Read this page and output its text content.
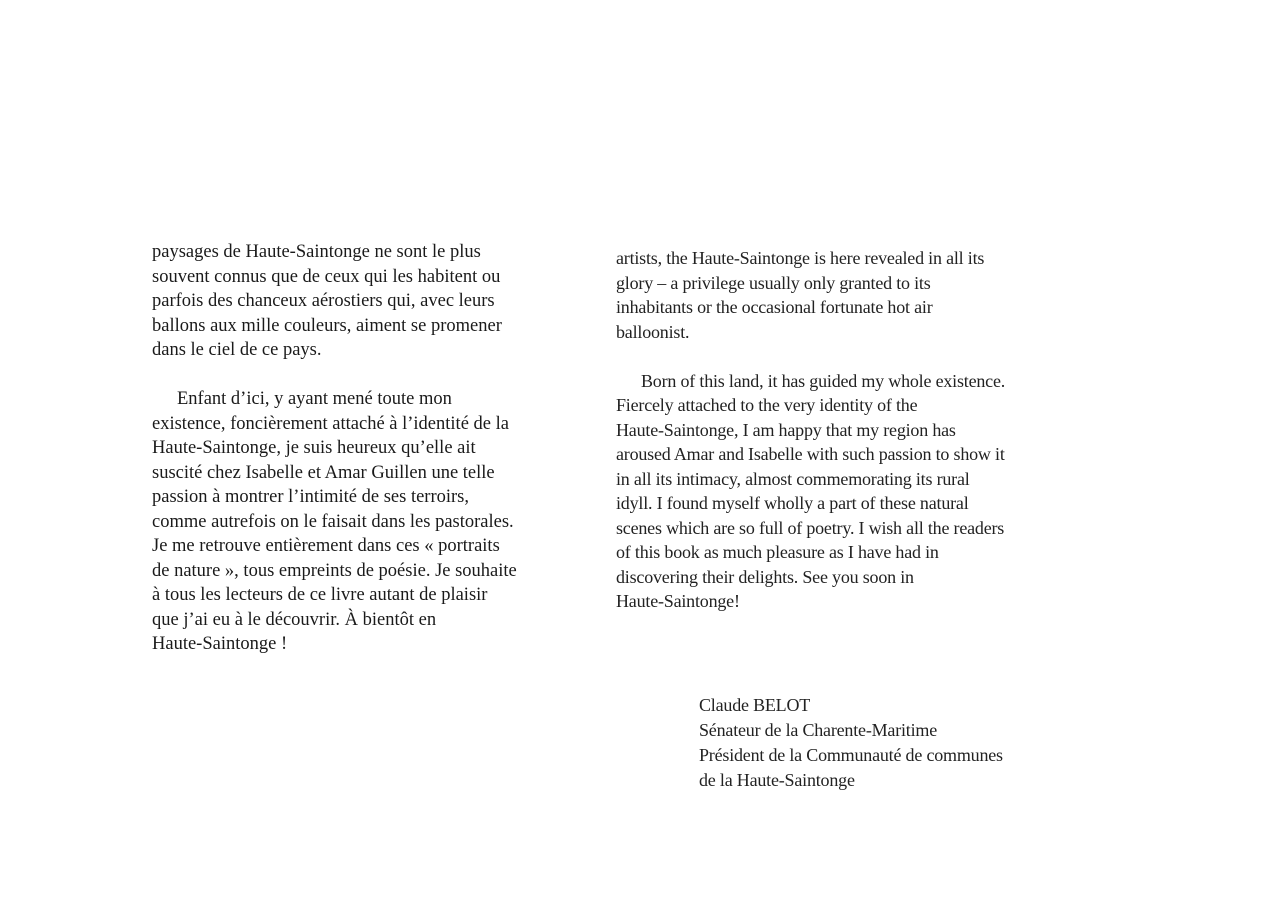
paysages de Haute-Saintonge ne sont le plus
souvent connus que de ceux qui les habitent ou
parfois des chanceux aérostiers qui, avec leurs
ballons aux mille couleurs, aiment se promener
dans le ciel de ce pays.

Enfant d’ici, y ayant mené toute mon
existence, foncièrement attaché à l’identité de la
Haute-Saintonge, je suis heureux qu’elle ait
suscité chez Isabelle et Amar Guillen une telle
passion à montrer l’intimité de ses terroirs,
comme autrefois on le faisait dans les pastorales.
Je me retrouve entièrement dans ces « portraits
de nature », tous empreints de poésie. Je souhaite
à tous les lecteurs de ce livre autant de plaisir
que j’ai eu à le découvrir. À bientôt en
Haute-Saintonge !

artists, the Haute-Saintonge is here revealed in all its
glory – a privilege usually only granted to its
inhabitants or the occasional fortunate hot air
balloonist.

Born of this land, it has guided my whole existence.
Fiercely attached to the very identity of the
Haute-Saintonge, I am happy that my region has
aroused Amar and Isabelle with such passion to show it
in all its intimacy, almost commemorating its rural
idyll. I found myself wholly a part of these natural
scenes which are so full of poetry. I wish all the readers
of this book as much pleasure as I have had in
discovering their delights. See you soon in
Haute-Saintonge!

Claude BELOT
Sénateur de la Charente-Maritime
Président de la Communauté de communes
de la Haute-Saintonge
